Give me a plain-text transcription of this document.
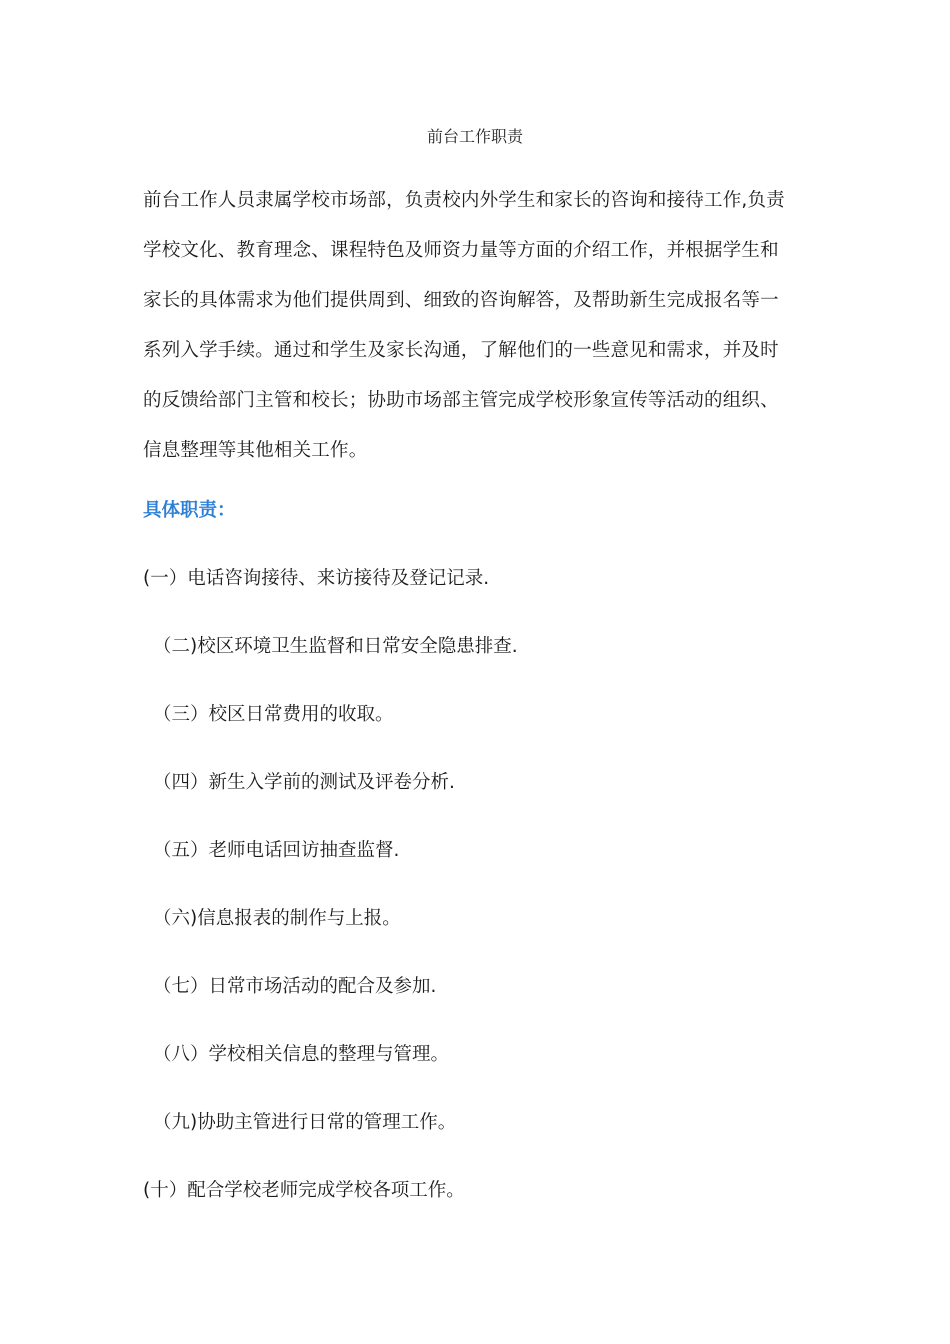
前台工作职责

前台工作人员隶属学校市场部，负责校内外学生和家长的咨询和接待工作,负责
学校文化、教育理念、课程特色及师资力量等方面的介绍工作，并根据学生和
家长的具体需求为他们提供周到、细致的咨询解答，及帮助新生完成报名等一
系列入学手续。通过和学生及家长沟通，了解他们的一些意见和需求，并及时
的反馈给部门主管和校长；协助市场部主管完成学校形象宣传等活动的组织、
信息整理等其他相关工作。

具体职责：
(一）电话咨询接待、来访接待及登记记录.
（二)校区环境卫生监督和日常安全隐患排查.
（三）校区日常费用的收取。
（四）新生入学前的测试及评卷分析.
（五）老师电话回访抽查监督.
（六)信息报表的制作与上报。
（七）日常市场活动的配合及参加.
（八）学校相关信息的整理与管理。
（九)协助主管进行日常的管理工作。
(十）配合学校老师完成学校各项工作。
